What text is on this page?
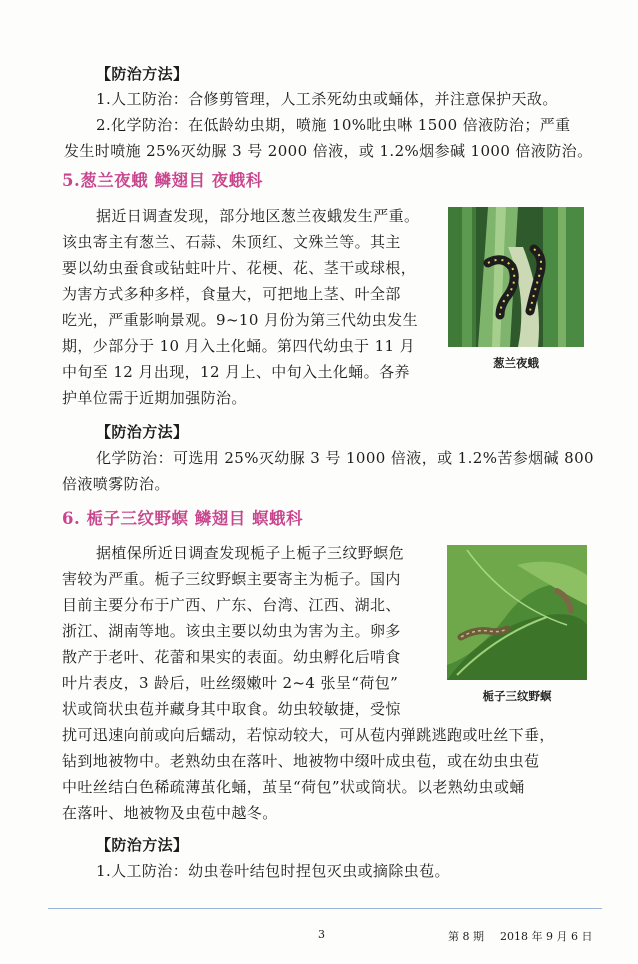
【防治方法】
1.人工防治：合修剪管理，人工杀死幼虫或蛹体，并注意保护天敌。
2.化学防治：在低龄幼虫期，喷施 10%吡虫啉 1500 倍液防治；严重
发生时喷施 25%灭幼脲 3 号 2000 倍液，或 1.2%烟参碱 1000 倍液防治。
5.葱兰夜蛾 鳞翅目 夜蛾科
据近日调查发现，部分地区葱兰夜蛾发生严重。
该虫寄主有葱兰、石蒜、朱顶红、文殊兰等。其主
要以幼虫蚕食或钻蛀叶片、花梗、花、茎干或球根，
为害方式多种多样，食量大，可把地上茎、叶全部
吃光，严重影响景观。9~10 月份为第三代幼虫发生
期，少部分于 10 月入土化蛹。第四代幼虫于 11 月
中旬至 12 月出现，12 月上、中旬入土化蛹。各养
护单位需于近期加强防治。
葱兰夜蛾
【防治方法】
化学防治：可选用 25%灭幼脲 3 号 1000 倍液，或 1.2%苦参烟碱 800
倍液喷雾防治。
6. 栀子三纹野螟 鳞翅目 螟蛾科
据植保所近日调查发现栀子上栀子三纹野螟危
害较为严重。栀子三纹野螟主要寄主为栀子。国内
目前主要分布于广西、广东、台湾、江西、湖北、
浙江、湖南等地。该虫主要以幼虫为害为主。卵多
散产于老叶、花蕾和果实的表面。幼虫孵化后啃食
叶片表皮，3 龄后，吐丝缀嫩叶 2~4 张呈“荷包”
状或筒状虫苞并藏身其中取食。幼虫较敏捷，受惊
栀子三纹野螟
扰可迅速向前或向后蠕动，若惊动较大，可从苞内弹跳逃跑或吐丝下垂，
钻到地被物中。老熟幼虫在落叶、地被物中缀叶成虫苞，或在幼虫虫苞
中吐丝结白色稀疏薄茧化蛹，茧呈“荷包”状或筒状。以老熟幼虫或蛹
在落叶、地被物及虫苞中越冬。
【防治方法】
1.人工防治：幼虫卷叶结包时捏包灭虫或摘除虫苞。
3	第 8 期 2018 年 9 月 6 日
